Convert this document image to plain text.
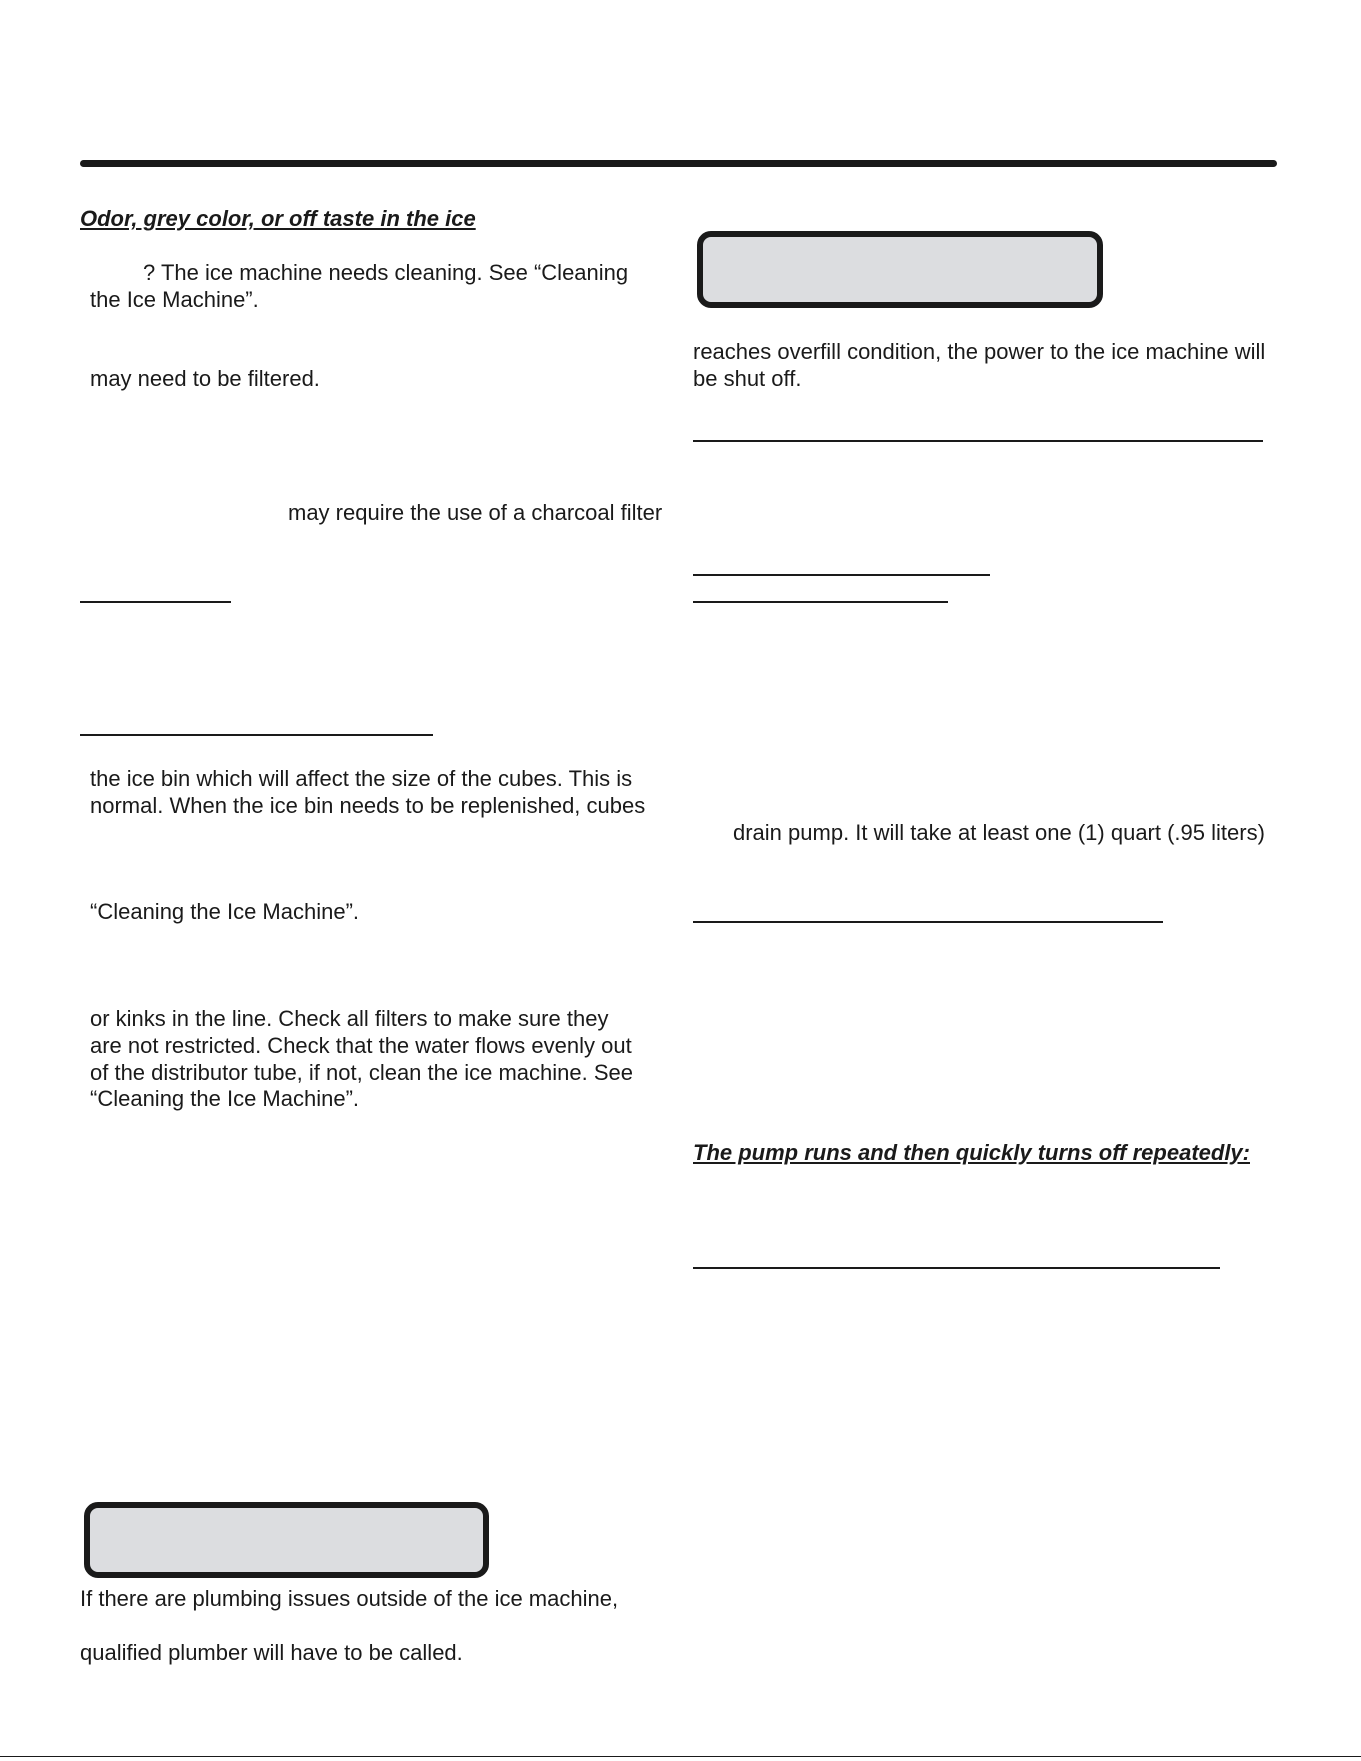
Odor, grey color, or off taste in the ice

? The ice machine needs cleaning. See “Cleaning

the Ice Machine”.

may need to be filtered.

may require the use of a charcoal filter

the ice bin which will affect the size of the cubes. This is

normal. When the ice bin needs to be replenished, cubes

“Cleaning the Ice Machine”.

or kinks in the line. Check all filters to make sure they

are not restricted. Check that the water flows evenly out

of the distributor tube, if not, clean the ice machine. See

“Cleaning the Ice Machine”.

If there are plumbing issues outside of the ice machine,

qualified plumber will have to be called.

reaches overfill condition, the power to the ice machine will

be shut off.

drain pump. It will take at least one (1) quart (.95 liters)

The pump runs and then quickly turns off repeatedly:
